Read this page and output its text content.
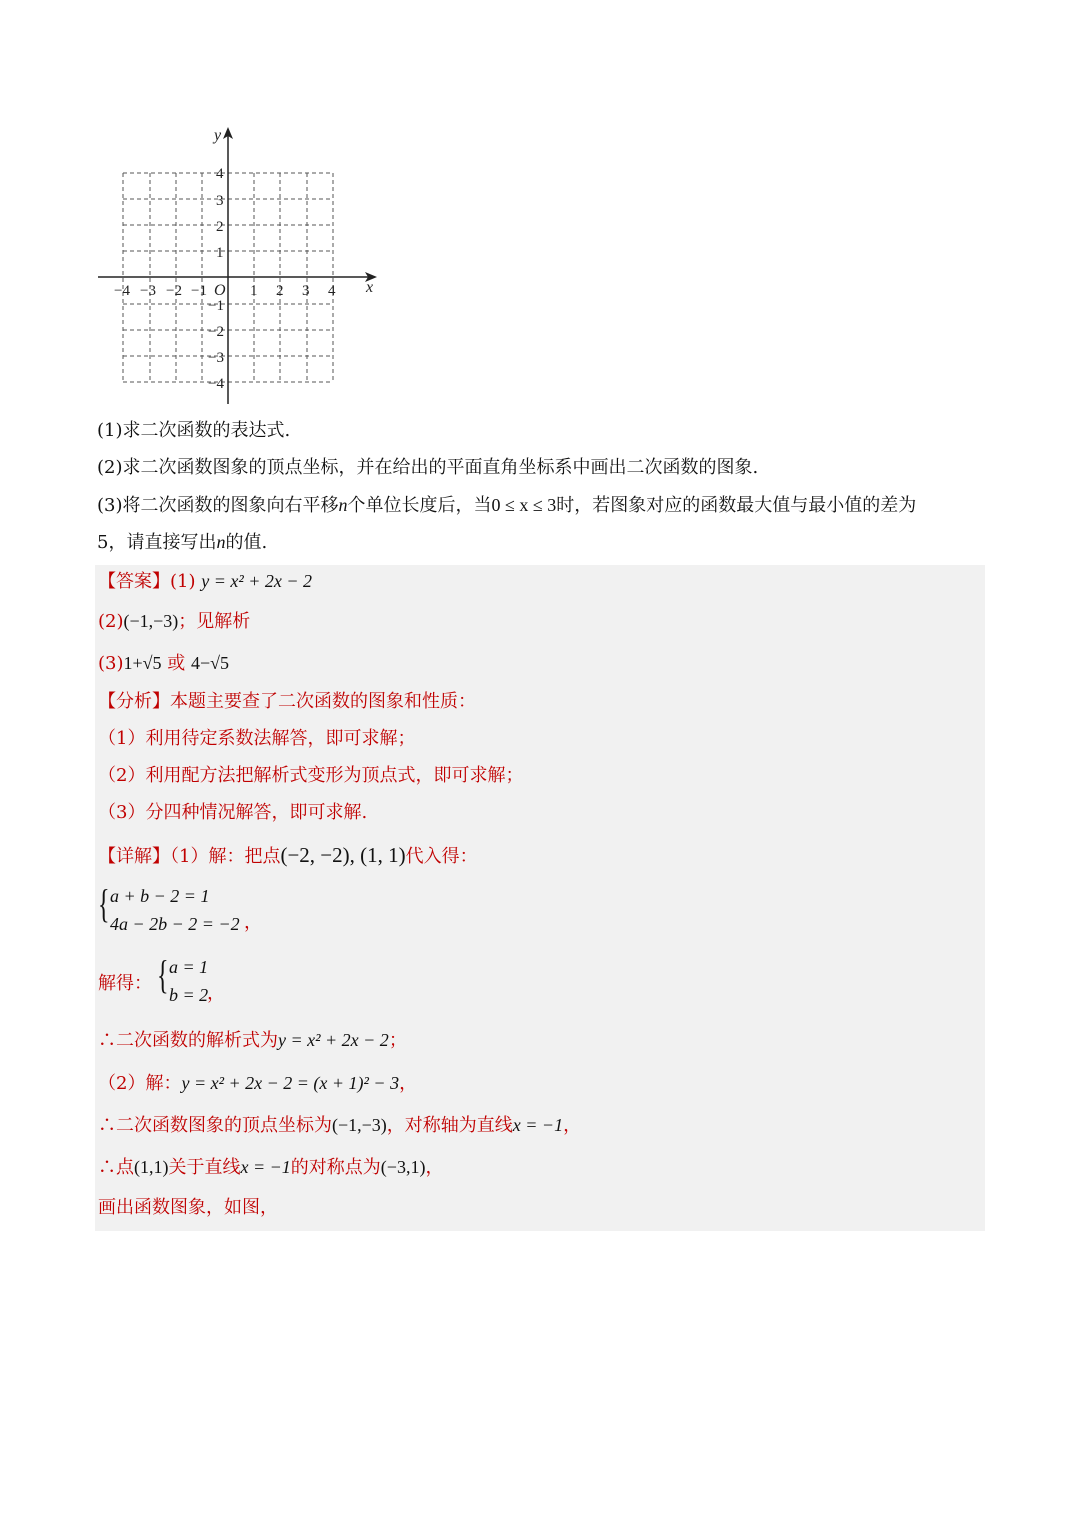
x
y
O
−4 −3 −2 −1	1 2 3 4
4
3
2
1
−1
−2
−3
−4
(1)求二次函数的表达式.
(2)求二次函数图象的顶点坐标，并在给出的平面直角坐标系中画出二次函数的图象.
(3)将二次函数的图象向右平移n个单位长度后，当0 ≤ x ≤ 3时，若图象对应的函数最大值与最小值的差为
5，请直接写出n的值.
【答案】(1) y = x² + 2x − 2
(2)(−1,−3)；见解析
(3)1+√5 或 4−√5
【分析】本题主要查了二次函数的图象和性质：
（1）利用待定系数法解答，即可求解；
（2）利用配方法把解析式变形为顶点式，即可求解；
（3）分四种情况解答，即可求解.
【详解】（1）解：把点(−2, −2), (1, 1)代入得：
{ a + b − 2 = 1
4a − 2b − 2 = −2 ，
解得： { a = 1
b = 2
，
∴二次函数的解析式为y = x² + 2x − 2；
（2）解：y = x² + 2x − 2 = (x + 1)² − 3，
∴二次函数图象的顶点坐标为(−1,−3)，对称轴为直线x = −1，
∴点(1,1)关于直线x = −1的对称点为(−3,1)，
画出函数图象，如图，
